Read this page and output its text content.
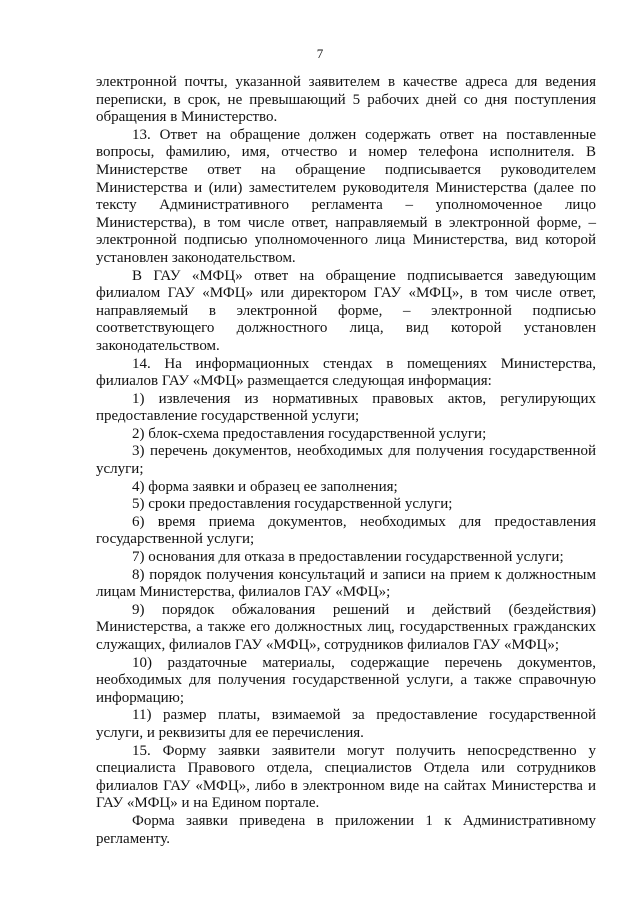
7

электронной почты, указанной заявителем в качестве адреса для ведения переписки, в срок, не превышающий 5 рабочих дней со дня поступления обращения в Министерство.

13. Ответ на обращение должен содержать ответ на поставленные вопросы, фамилию, имя, отчество и номер телефона исполнителя. В Министерстве ответ на обращение подписывается руководителем Министерства и (или) заместителем руководителя Министерства (далее по тексту Административного регламента – уполномоченное лицо Министерства), в том числе ответ, направляемый в электронной форме, – электронной подписью уполномоченного лица Министерства, вид которой установлен законодательством.

В ГАУ «МФЦ» ответ на обращение подписывается заведующим филиалом ГАУ «МФЦ» или директором ГАУ «МФЦ», в том числе ответ, направляемый в электронной форме, – электронной подписью соответствующего должностного лица, вид которой установлен законодательством.

14. На информационных стендах в помещениях Министерства, филиалов ГАУ «МФЦ» размещается следующая информация:

1) извлечения из нормативных правовых актов, регулирующих предоставление государственной услуги;

2) блок-схема предоставления государственной услуги;

3) перечень документов, необходимых для получения государственной услуги;

4) форма заявки и образец ее заполнения;

5) сроки предоставления государственной услуги;

6) время приема документов, необходимых для предоставления государственной услуги;

7) основания для отказа в предоставлении государственной услуги;

8) порядок получения консультаций и записи на прием к должностным лицам Министерства, филиалов ГАУ «МФЦ»;

9) порядок обжалования решений и действий (бездействия) Министерства, а также его должностных лиц, государственных гражданских служащих, филиалов ГАУ «МФЦ», сотрудников филиалов ГАУ «МФЦ»;

10) раздаточные материалы, содержащие перечень документов, необходимых для получения государственной услуги, а также справочную информацию;

11) размер платы, взимаемой за предоставление государственной услуги, и реквизиты для ее перечисления.

15. Форму заявки заявители могут получить непосредственно у специалиста Правового отдела, специалистов Отдела или сотрудников филиалов ГАУ «МФЦ», либо в электронном виде на сайтах Министерства и ГАУ «МФЦ» и на Едином портале.

Форма заявки приведена в приложении 1 к Административному регламенту.
